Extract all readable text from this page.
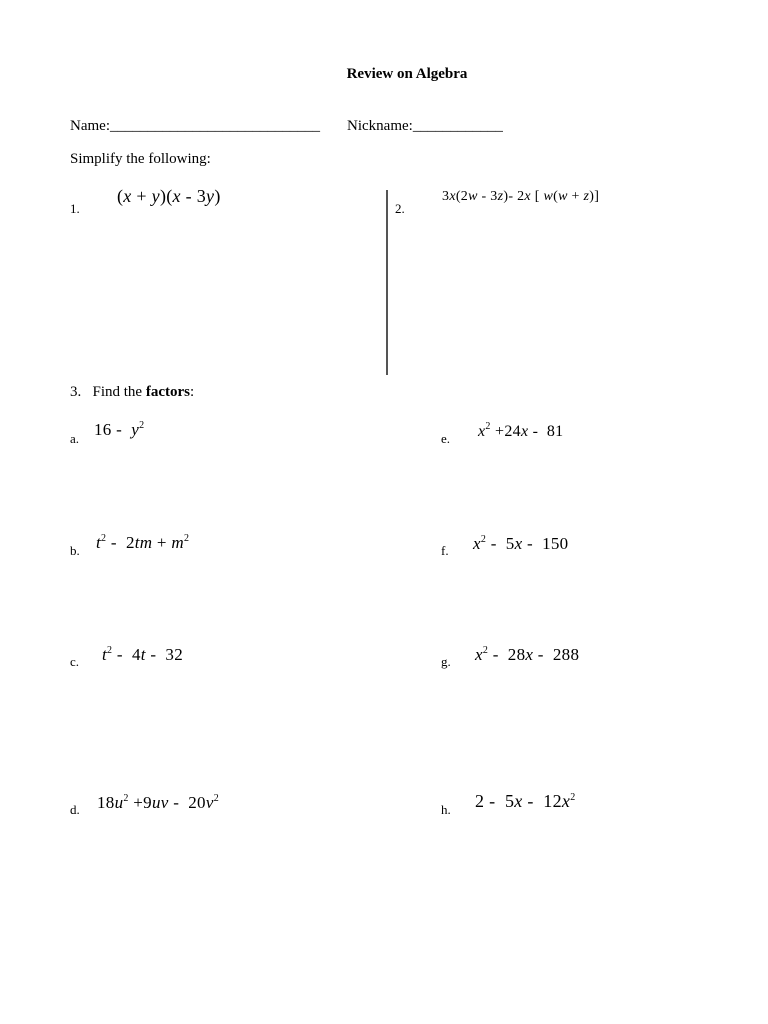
Review on Algebra
Name:____________________________ Nickname:____________
Simplify the following:
1.
(x + y)(x - 3y)
2.
3x(2w - 3z)- 2x [ w(w + z)]
3. Find the factors:
a. $16 - y^2$
b. $t^2 - 2tm + m^2$
c. $t^2 - 4t - 32$
d. $18u^2 +9uv - 20v^2$
e. $x^2 +24x - 81$
f. $x^2 - 5x - 150$
g. $x^2 - 28x - 288$
h. $2 - 5x - 12x^2$
